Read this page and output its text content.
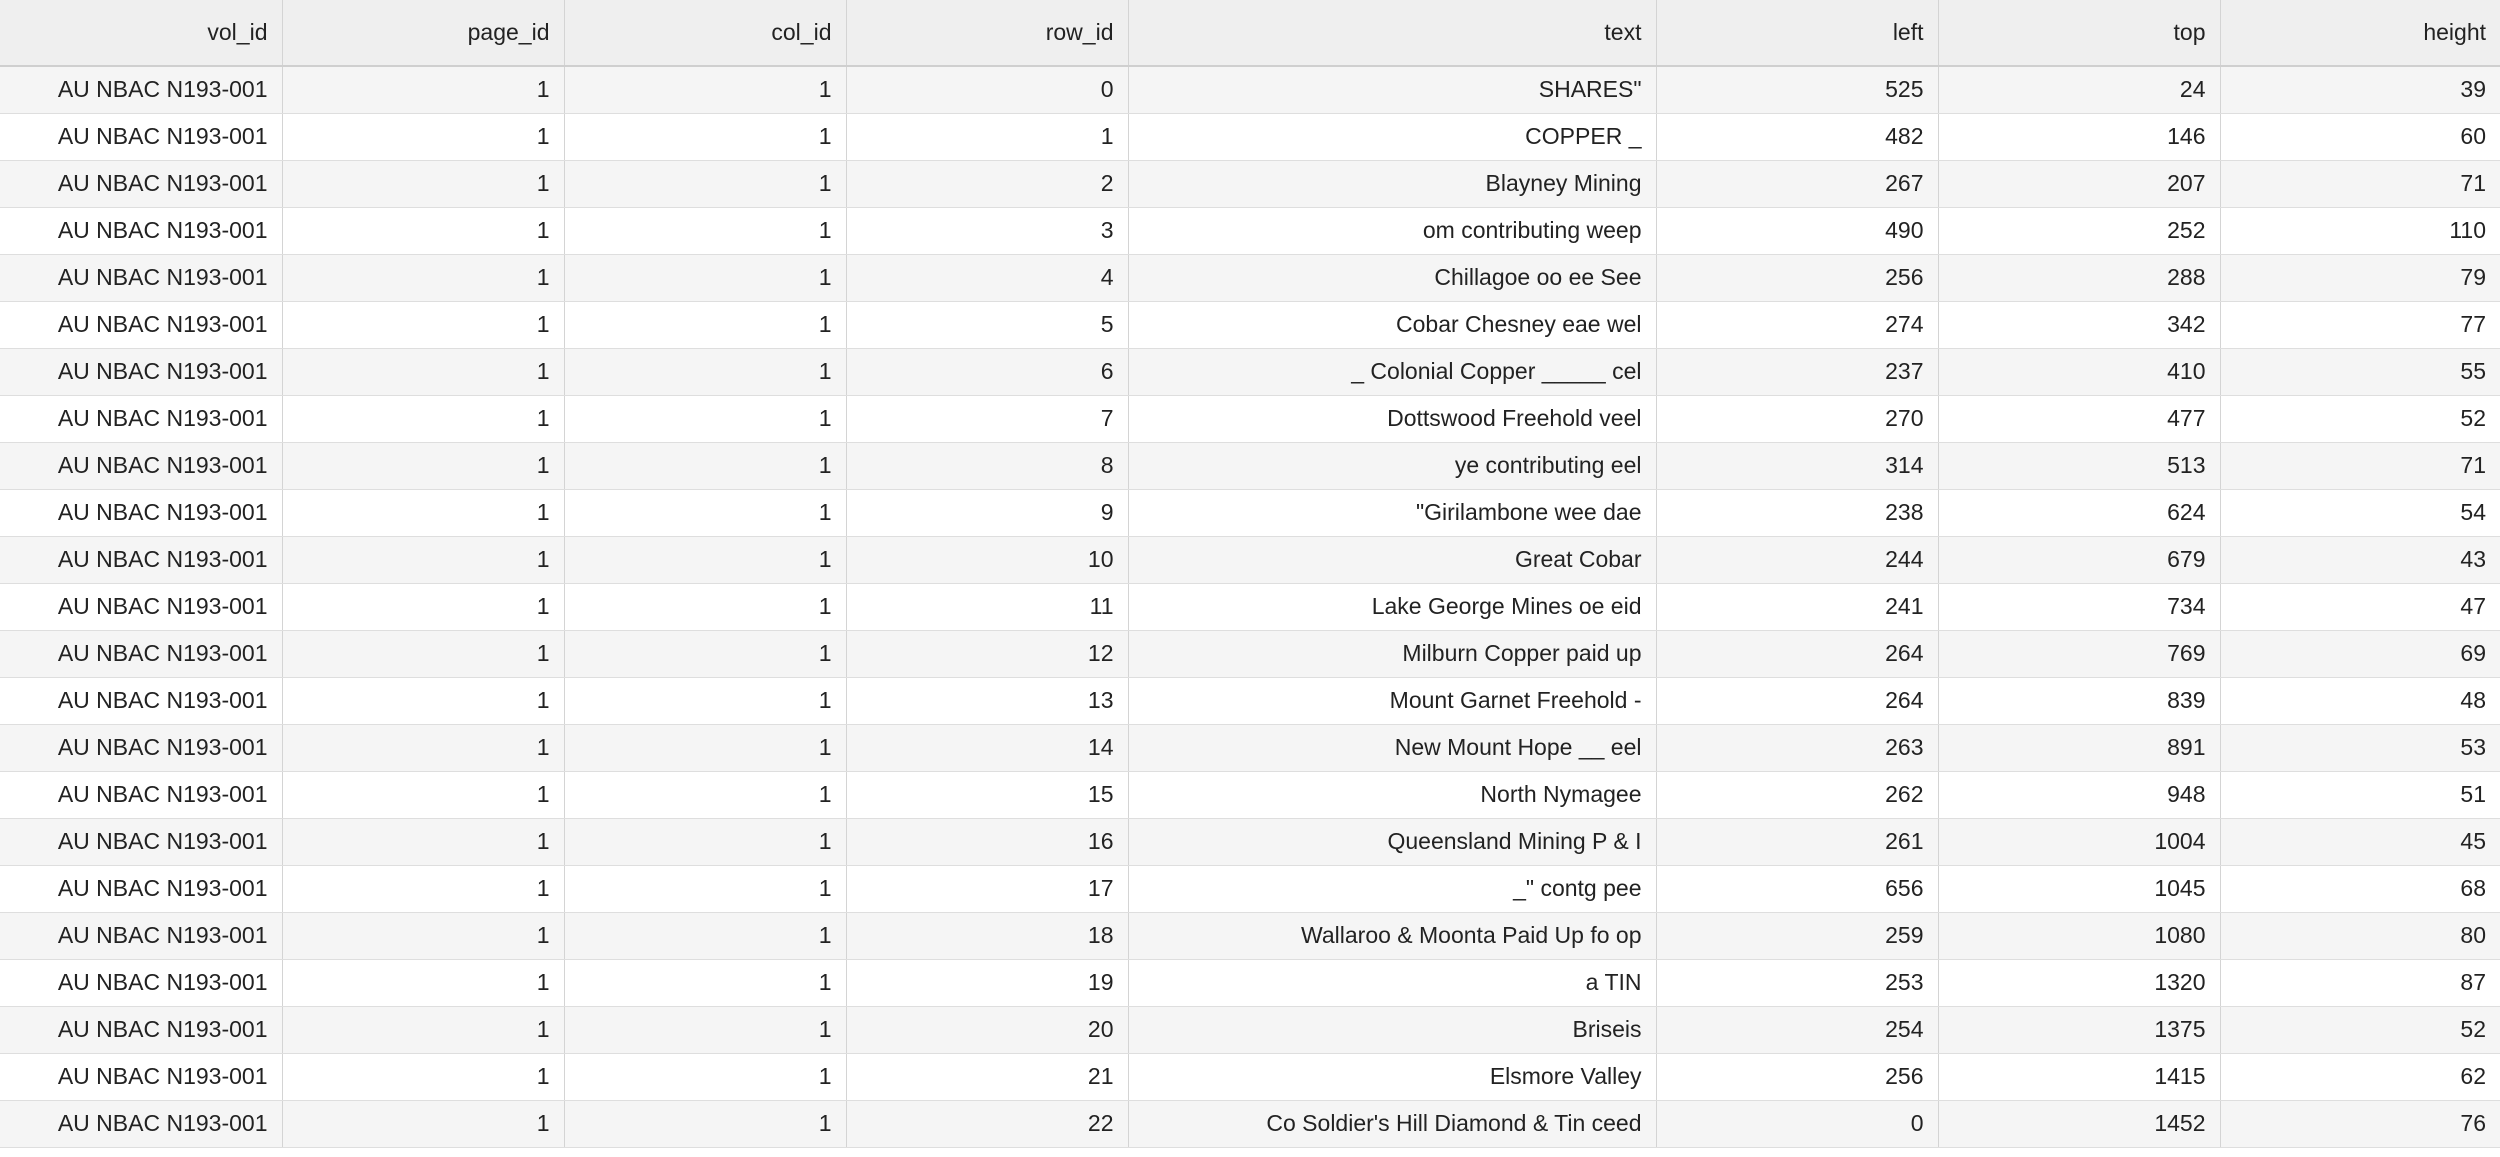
vol_id	page_id	col_id	row_id	text	left	top	height
AU NBAC N193-001	1	1	0	SHARES"	525	24	39
AU NBAC N193-001	1	1	1	COPPER _	482	146	60
AU NBAC N193-001	1	1	2	Blayney Mining	267	207	71
AU NBAC N193-001	1	1	3	om contributing weep	490	252	110
AU NBAC N193-001	1	1	4	Chillagoe oo ee See	256	288	79
AU NBAC N193-001	1	1	5	Cobar Chesney eae wel	274	342	77
AU NBAC N193-001	1	1	6	_ Colonial Copper _____ cel	237	410	55
AU NBAC N193-001	1	1	7	Dottswood Freehold veel	270	477	52
AU NBAC N193-001	1	1	8	ye contributing eel	314	513	71
AU NBAC N193-001	1	1	9	"Girilambone wee dae	238	624	54
AU NBAC N193-001	1	1	10	Great Cobar	244	679	43
AU NBAC N193-001	1	1	11	Lake George Mines oe eid	241	734	47
AU NBAC N193-001	1	1	12	Milburn Copper paid up	264	769	69
AU NBAC N193-001	1	1	13	Mount Garnet Freehold -	264	839	48
AU NBAC N193-001	1	1	14	New Mount Hope __ eel	263	891	53
AU NBAC N193-001	1	1	15	North Nymagee	262	948	51
AU NBAC N193-001	1	1	16	Queensland Mining P & I	261	1004	45
AU NBAC N193-001	1	1	17	_" contg pee	656	1045	68
AU NBAC N193-001	1	1	18	Wallaroo & Moonta Paid Up fo op	259	1080	80
AU NBAC N193-001	1	1	19	a TIN	253	1320	87
AU NBAC N193-001	1	1	20	Briseis	254	1375	52
AU NBAC N193-001	1	1	21	Elsmore Valley	256	1415	62
AU NBAC N193-001	1	1	22	Co Soldier's Hill Diamond & Tin ceed	0	1452	76
